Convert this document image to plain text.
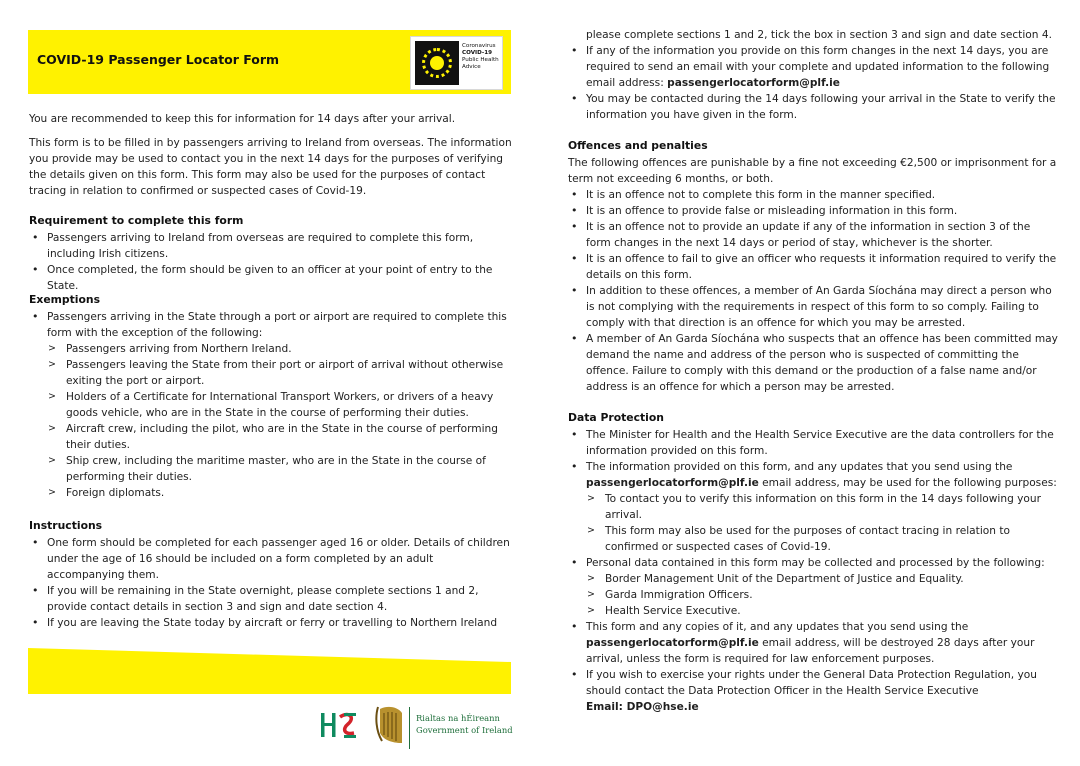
COVID-19 Passenger Locator Form
Coronavirus
COVID-19
Public Health
Advice

You are recommended to keep this for information for 14 days after your arrival.

This form is to be filled in by passengers arriving to Ireland from overseas. The information you provide may be used to contact you in the next 14 days for the purposes of verifying the details given on this form. This form may also be used for the purposes of contact tracing in relation to confirmed or suspected cases of Covid-19.

Requirement to complete this form

• Passengers arriving to Ireland from overseas are required to complete this form, including Irish citizens.
• Once completed, the form should be given to an officer at your point of entry to the State.

Exemptions

• Passengers arriving in the State through a port or airport are required to complete this form with the exception of the following:
> Passengers arriving from Northern Ireland.
> Passengers leaving the State from their port or airport of arrival without otherwise exiting the port or airport.
> Holders of a Certificate for International Transport Workers, or drivers of a heavy goods vehicle, who are in the State in the course of performing their duties.
> Aircraft crew, including the pilot, who are in the State in the course of performing their duties.
> Ship crew, including the maritime master, who are in the State in the course of performing their duties.
> Foreign diplomats.

Instructions

• One form should be completed for each passenger aged 16 or older. Details of children under the age of 16 should be included on a form completed by an adult accompanying them.
• If you will be remaining in the State overnight, please complete sections 1 and 2, provide contact details in section 3 and sign and date section 4.
• If you are leaving the State today by aircraft or ferry or travelling to Northern Ireland
Rialtas na hÉireann
Government of Ireland

please complete sections 1 and 2, tick the box in section 3 and sign and date section 4.

• If any of the information you provide on this form changes in the next 14 days, you are required to send an email with your complete and updated information to the following email address: passengerlocatorform@plf.ie
• You may be contacted during the 14 days following your arrival in the State to verify the information you have given in the form.

Offences and penalties

The following offences are punishable by a fine not exceeding €2,500 or imprisonment for a term not exceeding 6 months, or both.

• It is an offence not to complete this form in the manner specified.
• It is an offence to provide false or misleading information in this form.
• It is an offence not to provide an update if any of the information in section 3 of the form changes in the next 14 days or period of stay, whichever is the shorter.
• It is an offence to fail to give an officer who requests it information required to verify the details on this form.
• In addition to these offences, a member of An Garda Síochána may direct a person who is not complying with the requirements in respect of this form to so comply. Failing to comply with that direction is an offence for which you may be arrested.
• A member of An Garda Síochána who suspects that an offence has been committed may demand the name and address of the person who is suspected of committing the offence. Failure to comply with this demand or the production of a false name and/or address is an offence for which a person may be arrested.

Data Protection

• The Minister for Health and the Health Service Executive are the data controllers for the information provided on this form.
• The information provided on this form, and any updates that you send using the passengerlocatorform@plf.ie email address, may be used for the following purposes:
> To contact you to verify this information on this form in the 14 days following your arrival.
> This form may also be used for the purposes of contact tracing in relation to confirmed or suspected cases of Covid-19.
• Personal data contained in this form may be collected and processed by the following:
> Border Management Unit of the Department of Justice and Equality.
> Garda Immigration Officers.
> Health Service Executive.
• This form and any copies of it, and any updates that you send using the passengerlocatorform@plf.ie email address, will be destroyed 28 days after your arrival, unless the form is required for law enforcement purposes.
• If you wish to exercise your rights under the General Data Protection Regulation, you should contact the Data Protection Officer in the Health Service Executive
Email: DPO@hse.ie
